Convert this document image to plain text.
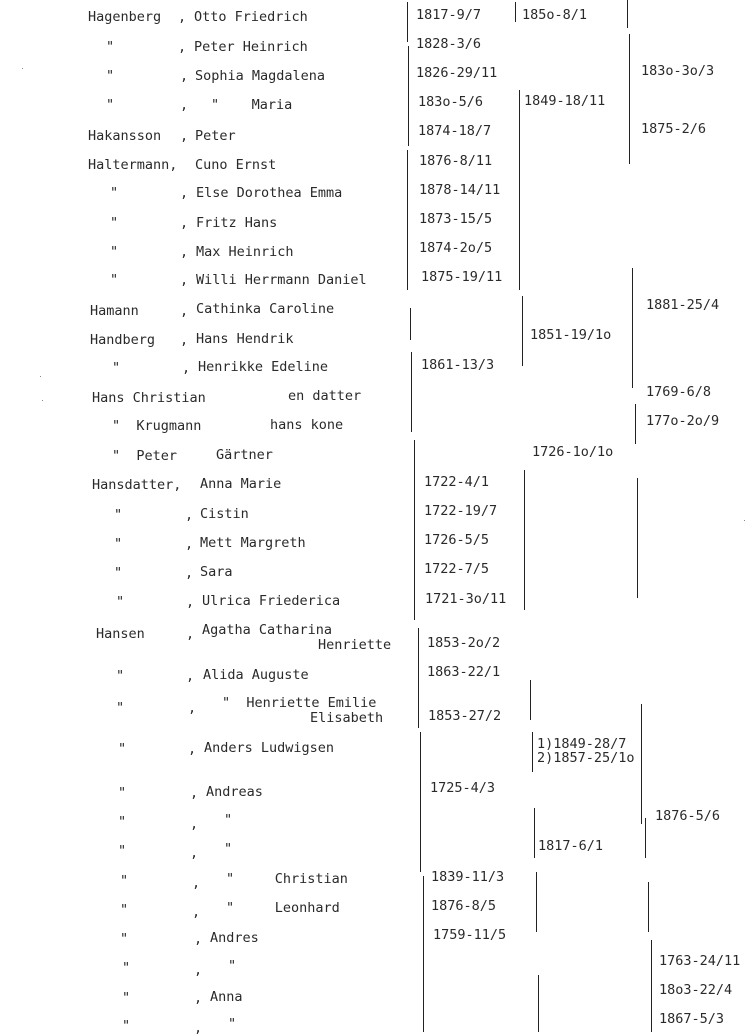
Hagenberg , Otto Friedrich	1817-9/7	185o-8/1
"	, Peter Heinrich	1828-3/6
"	, Sophia Magdalena	1826-29/11	183o-3o/3
"	, "    Maria	183o-5/6	1849-18/11
Hakansson , Peter	1874-18/7	1875-2/6
Haltermann, Cuno Ernst	1876-8/11
"	, Else Dorothea Emma	1878-14/11
"	, Fritz Hans	1873-15/5
"	, Max Heinrich	1874-2o/5
"	, Willi Herrmann Daniel	1875-19/11
Hamann	, Cathinka Caroline	1881-25/4
Handberg , Hans Hendrik	1851-19/1o
"	, Henrikke Edeline	1861-13/3
Hans Christian	en datter	1769-6/8
"  Krugmann	hans kone	177o-2o/9
"  Peter	Gärtner	1726-1o/1o
Hansdatter, Anna Marie	1722-4/1
"	, Cistin	1722-19/7
"	, Mett Margreth	1726-5/5
"	, Sara	1722-7/5
"	, Ulrica Friederica	1721-3o/11
Hansen	, Agatha Catharina
Henriette	1853-2o/2
"	, Alida Auguste	1863-22/1
"	, "  Henriette Emilie
Elisabeth	1853-27/2
"	, Anders Ludwigsen	1)1849-28/7
2)1857-25/1o
"	, Andreas	1725-4/3
"	, "	1876-5/6
"	, "	1817-6/1
"	, "     Christian	1839-11/3
"	, "     Leonhard	1876-8/5
"	, Andres	1759-11/5
"	, "	1763-24/11
"	, Anna	18o3-22/4
"	, "	1867-5/3
